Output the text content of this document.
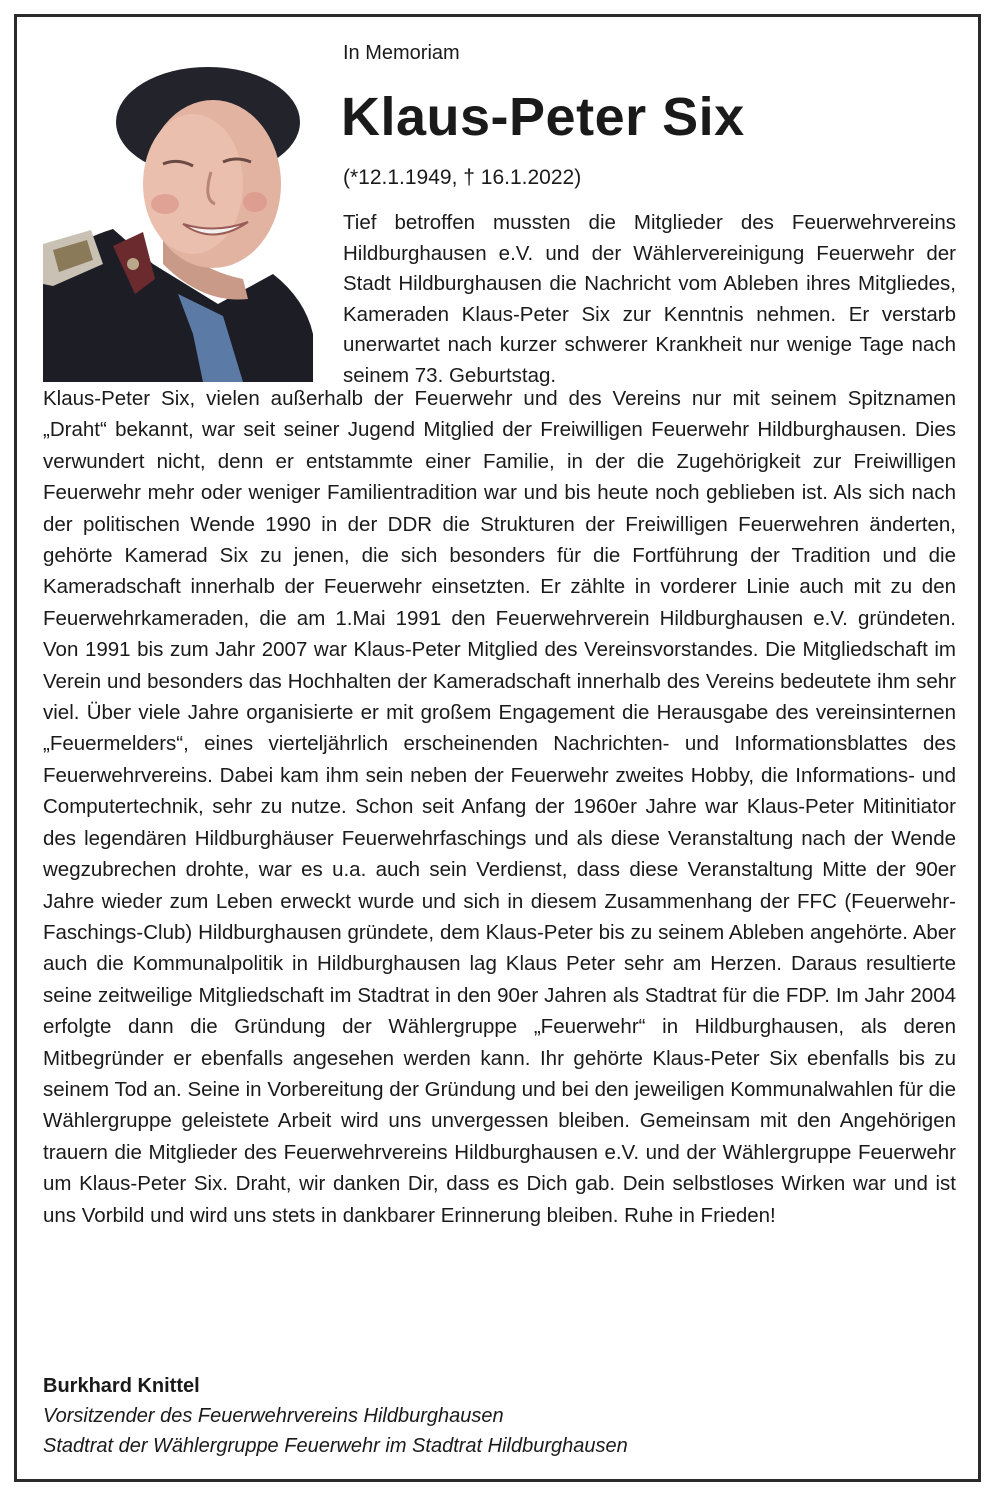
In Memoriam
Klaus-Peter Six
(*12.1.1949, † 16.1.2022)
Tief betroffen mussten die Mitglieder des Feuerwehrvereins Hildburghausen e.V. und der Wählervereinigung Feuerwehr der Stadt Hildburghausen die Nachricht vom Ableben ihres Mitgliedes, Kameraden Klaus-Peter Six zur Kenntnis nehmen. Er verstarb unerwartet nach kurzer schwerer Krankheit nur wenige Tage nach seinem 73. Geburtstag.
Klaus-Peter Six, vielen außerhalb der Feuerwehr und des Vereins nur mit seinem Spitznamen „Draht“ bekannt, war seit seiner Jugend Mitglied der Freiwilligen Feuerwehr Hildburghausen. Dies verwundert nicht, denn er entstammte einer Familie, in der die Zugehörigkeit zur Freiwilligen Feuerwehr mehr oder weniger Familientradition war und bis heute noch geblieben ist. Als sich nach der politischen Wende 1990 in der DDR die Strukturen der Freiwilligen Feuerwehren änderten, gehörte Kamerad Six zu jenen, die sich besonders für die Fortführung der Tradition und die Kameradschaft innerhalb der Feuerwehr einsetzten. Er zählte in vorderer Linie auch mit zu den Feuerwehrkameraden, die am 1.Mai 1991 den Feuerwehrverein Hildburghausen e.V. gründeten. Von 1991 bis zum Jahr 2007 war Klaus-Peter Mitglied des Vereinsvorstandes. Die Mitgliedschaft im Verein und besonders das Hochhalten der Kameradschaft innerhalb des Vereins bedeutete ihm sehr viel. Über viele Jahre organisierte er mit großem Engagement die Herausgabe des vereinsinternen „Feuermelders“, eines vierteljährlich erscheinenden Nachrichten- und Informationsblattes des Feuerwehrvereins. Dabei kam ihm sein neben der Feuerwehr zweites Hobby, die Informations- und Computertechnik, sehr zu nutze. Schon seit Anfang der 1960er Jahre war Klaus-Peter Mitinitiator des legendären Hildburghäuser Feuerwehrfaschings und als diese Veranstaltung nach der Wende wegzubrechen drohte, war es u.a. auch sein Verdienst, dass diese Veranstaltung Mitte der 90er Jahre wieder zum Leben erweckt wurde und sich in diesem Zusammenhang der FFC (Feuerwehr-Faschings-Club) Hildburghausen gründete, dem Klaus-Peter bis zu seinem Ableben angehörte. Aber auch die Kommunalpolitik in Hildburghausen lag Klaus Peter sehr am Herzen. Daraus resultierte seine zeitweilige Mitgliedschaft im Stadtrat in den 90er Jahren als Stadtrat für die FDP. Im Jahr 2004 erfolgte dann die Gründung der Wählergruppe „Feuerwehr“ in Hildburghausen, als deren Mitbegründer er ebenfalls angesehen werden kann. Ihr gehörte Klaus-Peter Six ebenfalls bis zu seinem Tod an. Seine in Vorbereitung der Gründung und bei den jeweiligen Kommunalwahlen für die Wählergruppe geleistete Arbeit wird uns unvergessen bleiben. Gemeinsam mit den Angehörigen trauern die Mitglieder des Feuerwehrvereins Hildburghausen e.V. und der Wählergruppe Feuerwehr um Klaus-Peter Six. Draht, wir danken Dir, dass es Dich gab. Dein selbstloses Wirken war und ist uns Vorbild und wird uns stets in dankbarer Erinnerung bleiben. Ruhe in Frieden!
Burkhard Knittel
Vorsitzender des Feuerwehrvereins Hildburghausen
Stadtrat der Wählergruppe Feuerwehr im Stadtrat Hildburghausen
